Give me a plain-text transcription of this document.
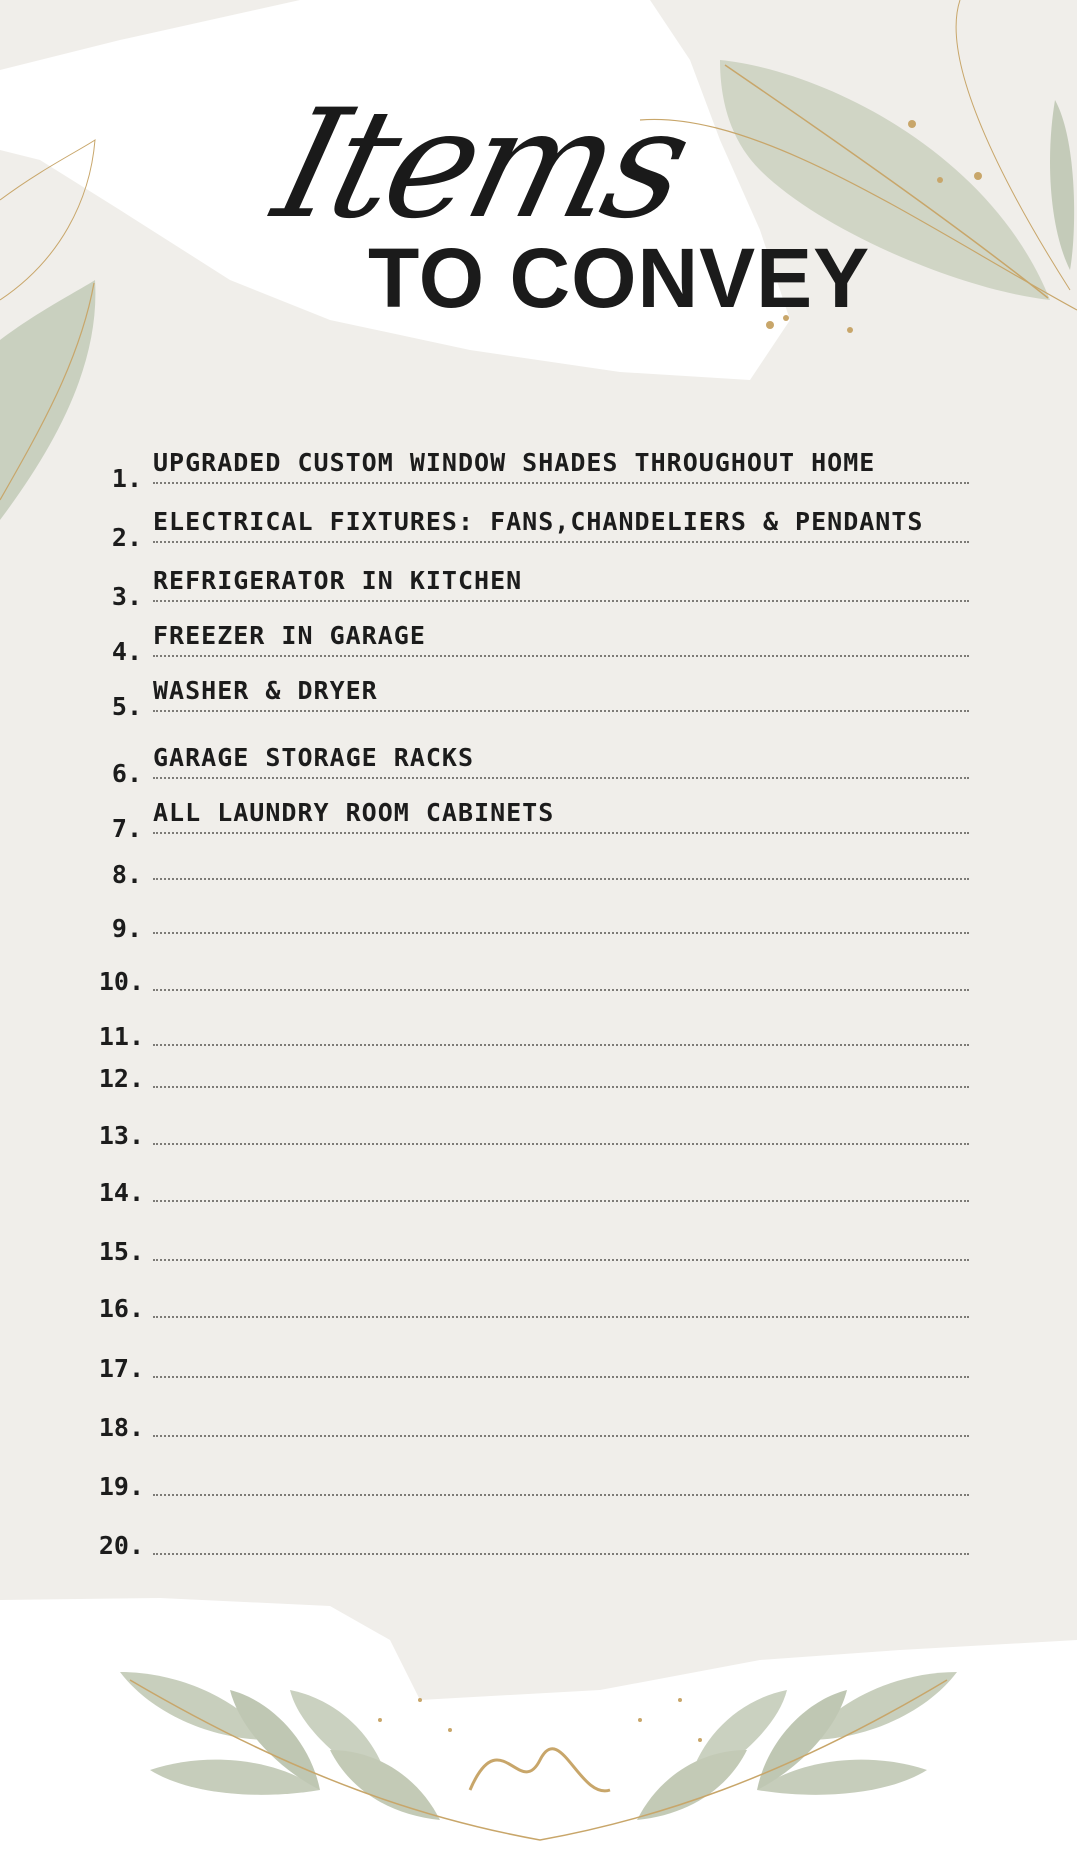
Items
TO CONVEY
1.
UPGRADED CUSTOM WINDOW SHADES THROUGHOUT HOME
2.
ELECTRICAL FIXTURES: FANS,CHANDELIERS & PENDANTS
3.
REFRIGERATOR IN KITCHEN
4.
FREEZER IN GARAGE
5.
WASHER & DRYER
6.
GARAGE STORAGE RACKS
7.
ALL LAUNDRY ROOM CABINETS
8.
9.
10.
11.
12.
13.
14.
15.
16.
17.
18.
19.
20.
